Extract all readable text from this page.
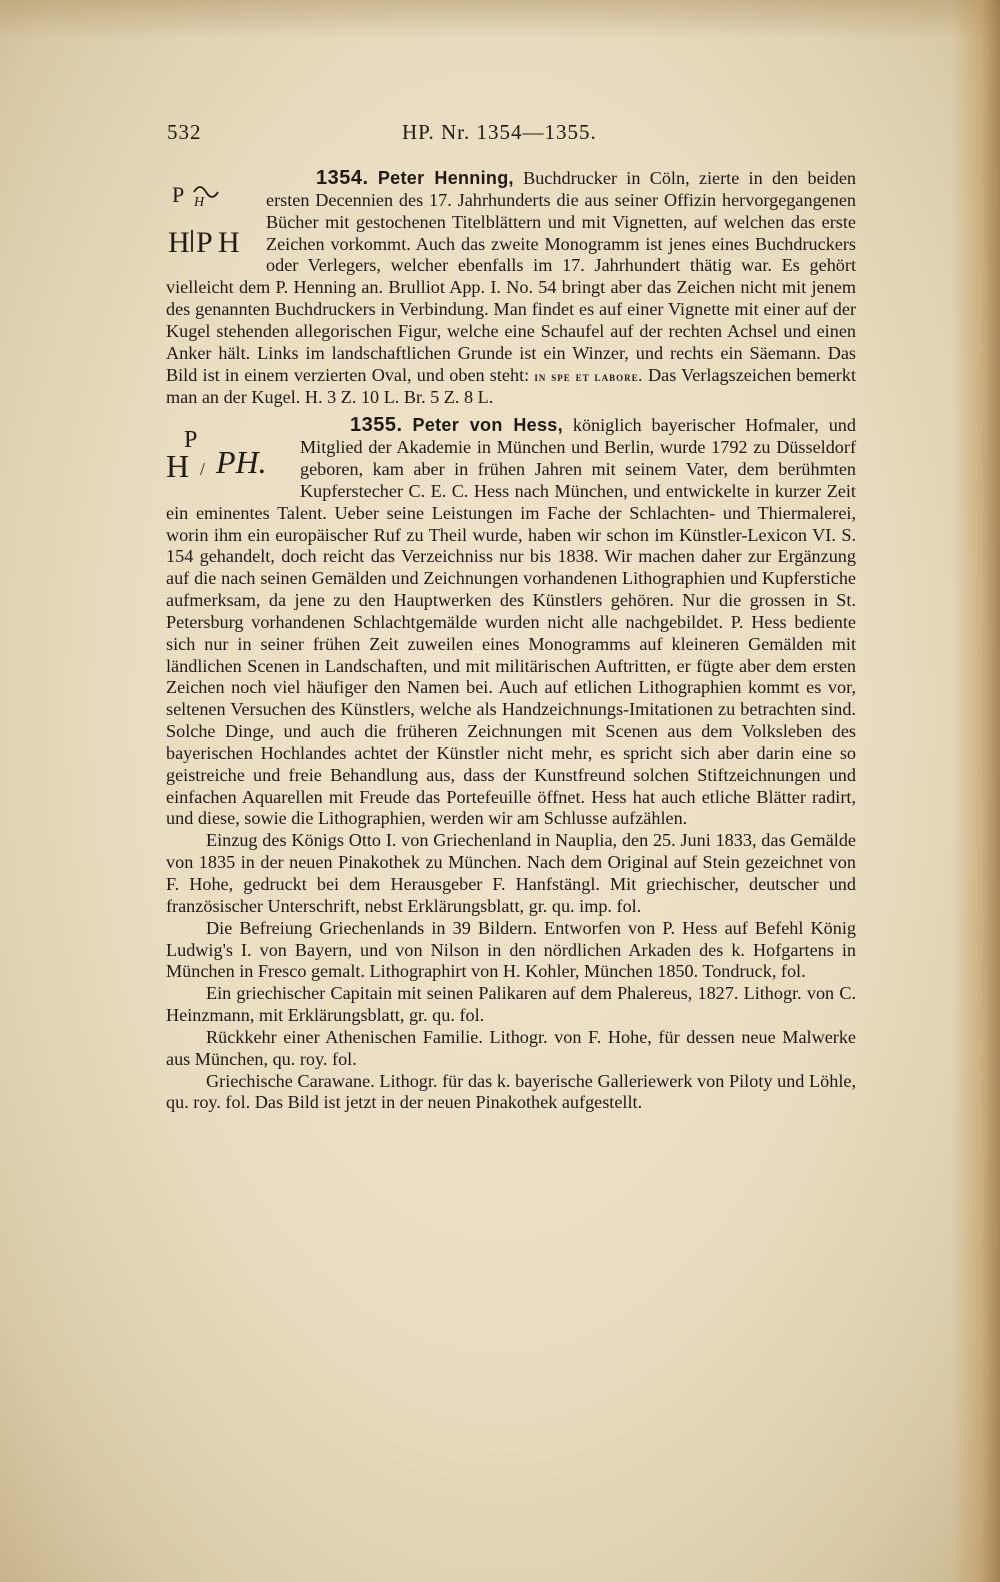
532	HP. Nr. 1354—1355.

1354. Peter Henning,
P H
H P H
Buchdrucker in Cöln, zierte in den beiden ersten Decennien des 17. Jahrhunderts die aus seiner Offizin hervorgegangenen Bücher mit gestochenen Titelblättern und mit Vignetten, auf welchen das erste Zeichen vorkommt. Auch das zweite Monogramm ist jenes eines Buchdruckers oder Verlegers, welcher ebenfalls im 17. Jahrhundert thätig war. Es gehört vielleicht dem P. Henning an. Brulliot App. I. No. 54 bringt aber das Zeichen nicht mit jenem des genannten Buchdruckers in Verbindung. Man findet es auf einer Vignette mit einer auf der Kugel stehenden allegorischen Figur, welche eine Schaufel auf der rechten Achsel und einen Anker hält. Links im landschaftlichen Grunde ist ein Winzer, und rechts ein Säemann. Das Bild ist in einem verzierten Oval, und oben steht: in spe et labore. Das Verlagszeichen bemerkt man an der Kugel. H. 3 Z. 10 L. Br. 5 Z. 8 L.

1355. Peter von Hess,
P
H / PH.
königlich bayerischer Hofmaler, und Mitglied der Akademie in München und Berlin, wurde 1792 zu Düsseldorf geboren, kam aber in frühen Jahren mit seinem Vater, dem berühmten Kupferstecher C. E. C. Hess nach München, und entwickelte in kurzer Zeit ein eminentes Talent. Ueber seine Leistungen im Fache der Schlachten- und Thiermalerei, worin ihm ein europäischer Ruf zu Theil wurde, haben wir schon im Künstler-Lexicon VI. S. 154 gehandelt, doch reicht das Verzeichniss nur bis 1838. Wir machen daher zur Ergänzung auf die nach seinen Gemälden und Zeichnungen vorhandenen Lithographien und Kupferstiche aufmerksam, da jene zu den Hauptwerken des Künstlers gehören. Nur die grossen in St. Petersburg vorhandenen Schlachtgemälde wurden nicht alle nachgebildet. P. Hess bediente sich nur in seiner frühen Zeit zuweilen eines Monogramms auf kleineren Gemälden mit ländlichen Scenen in Landschaften, und mit militärischen Auftritten, er fügte aber dem ersten Zeichen noch viel häufiger den Namen bei. Auch auf etlichen Lithographien kommt es vor, seltenen Versuchen des Künstlers, welche als Handzeichnungs-Imitationen zu betrachten sind. Solche Dinge, und auch die früheren Zeichnungen mit Scenen aus dem Volksleben des bayerischen Hochlandes achtet der Künstler nicht mehr, es spricht sich aber darin eine so geistreiche und freie Behandlung aus, dass der Kunstfreund solchen Stiftzeichnungen und einfachen Aquarellen mit Freude das Portefeuille öffnet. Hess hat auch etliche Blätter radirt, und diese, sowie die Lithographien, werden wir am Schlusse aufzählen.

Einzug des Königs Otto I. von Griechenland in Nauplia, den 25. Juni 1833, das Gemälde von 1835 in der neuen Pinakothek zu München. Nach dem Original auf Stein gezeichnet von F. Hohe, gedruckt bei dem Herausgeber F. Hanfstängl. Mit griechischer, deutscher und französischer Unterschrift, nebst Erklärungsblatt, gr. qu. imp. fol.

Die Befreiung Griechenlands in 39 Bildern. Entworfen von P. Hess auf Befehl König Ludwig's I. von Bayern, und von Nilson in den nördlichen Arkaden des k. Hofgartens in München in Fresco gemalt. Lithographirt von H. Kohler, München 1850. Tondruck, fol.

Ein griechischer Capitain mit seinen Palikaren auf dem Phalereus, 1827. Lithogr. von C. Heinzmann, mit Erklärungsblatt, gr. qu. fol.

Rückkehr einer Athenischen Familie. Lithogr. von F. Hohe, für dessen neue Malwerke aus München, qu. roy. fol.

Griechische Carawane. Lithogr. für das k. bayerische Galleriewerk von Piloty und Löhle, qu. roy. fol. Das Bild ist jetzt in der neuen Pinakothek aufgestellt.
